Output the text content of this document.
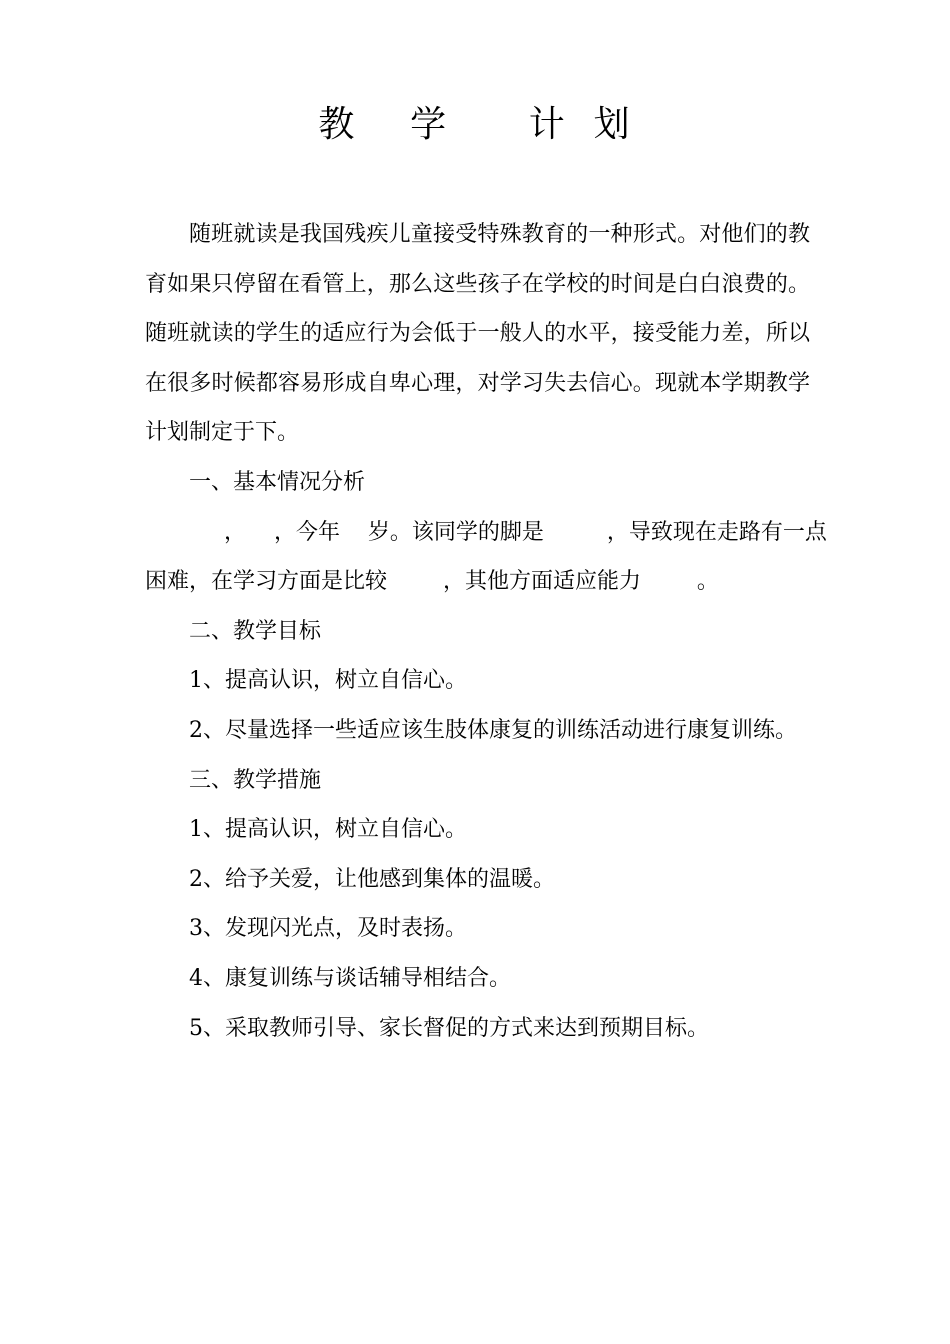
教    学      计  划

随班就读是我国残疾儿童接受特殊教育的一种形式。对他们的教育如果只停留在看管上，那么这些孩子在学校的时间是白白浪费的。随班就读的学生的适应行为会低于一般人的水平，接受能力差，所以在很多时候都容易形成自卑心理，对学习失去信心。现就本学期教学计划制定于下。

一、基本情况分析

，    ，今年    岁。该同学的脚是         ，导致现在走路有一点

困难，在学习方面是比较        ，其他方面适应能力        。

二、教学目标

1、提高认识，树立自信心。

2、尽量选择一些适应该生肢体康复的训练活动进行康复训练。

三、教学措施

1、提高认识，树立自信心。

2、给予关爱，让他感到集体的温暖。

3、发现闪光点，及时表扬。

4、康复训练与谈话辅导相结合。

5、采取教师引导、家长督促的方式来达到预期目标。
